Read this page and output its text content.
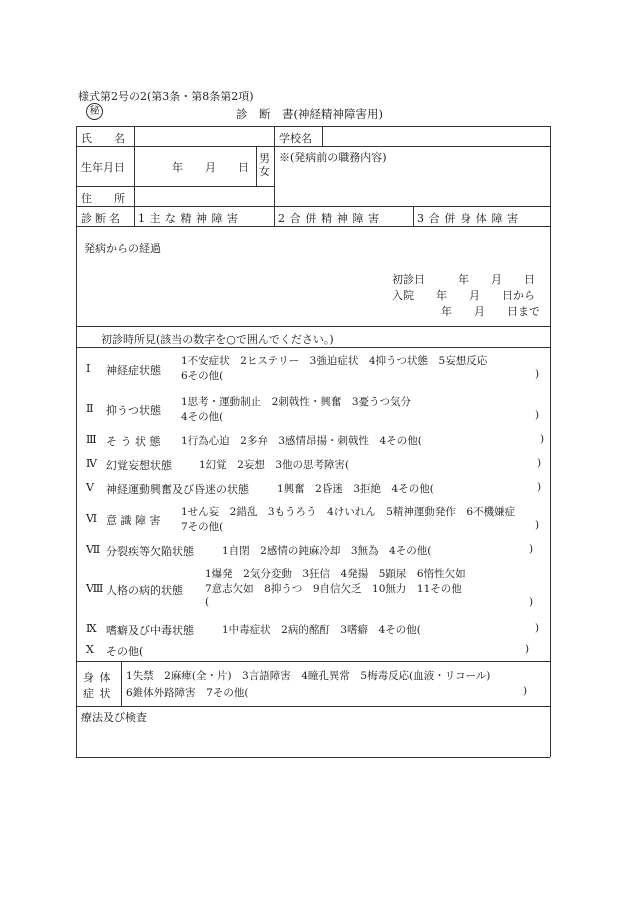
様式第2号の2(第3条・第8条第2項)
秘	診　断　書(神経精神障害用)
氏　　名	学校名
生年月日	年　　月　　日
男
女
※(発病前の職務内容)
住　　所
診断名 1 主 な 精 神 障 害	2 合 併 精 神 障 害	3 合 併 身 体 障 害
発病からの経過
初診日　　　年　　月　　日
入院　　年　　月　　日から
年　　月　　日まで
初診時所見(該当の数字を○で囲んでください。)
Ⅰ 神経症状態
1不安症状　2ヒステリー　3強迫症状　4抑うつ状態　5妄想反応
6その他(	)
Ⅱ 抑うつ状態
1思考・運動制止　2刺戟性・興奮　3憂うつ気分
4その他(	)
Ⅲ そ う 状 態 1行為心迫　2多弁　3感情昂揚・刺戟性　4その他(	)
Ⅳ 幻覚妄想状態	1幻覚　2妄想　3他の思考障害(	)
Ⅴ 神経運動興奮及び昏迷の状態	1興奮　2昏迷　3拒絶　4その他(	)
Ⅵ 意 識 障 害
1せん妄　2錯乱　3もうろう　4けいれん　5精神運動発作　6不機嫌症
7その他(	)
Ⅶ 分裂疾等欠陥状態	1自閉　2感情の鈍麻冷却　3無為　4その他(	)
Ⅷ 人格の病的状態
1爆発　2気分変動　3狂信　4発揚　5顕尿　6惰性欠如
7意志欠如　8抑うつ　9自信欠乏　10無力　11その他
(	)
Ⅸ 嗜癖及び中毒状態	1中毒症状　2病的酩酊　3嗜癖　4その他(	)
Ⅹ その他(	)
身 体
症 状
1失禁　2麻痺(全・片)　3言語障害　4瞳孔異常　5梅毒反応(血液・リコール)
6錐体外路障害　7その他(	)
療法及び検査
